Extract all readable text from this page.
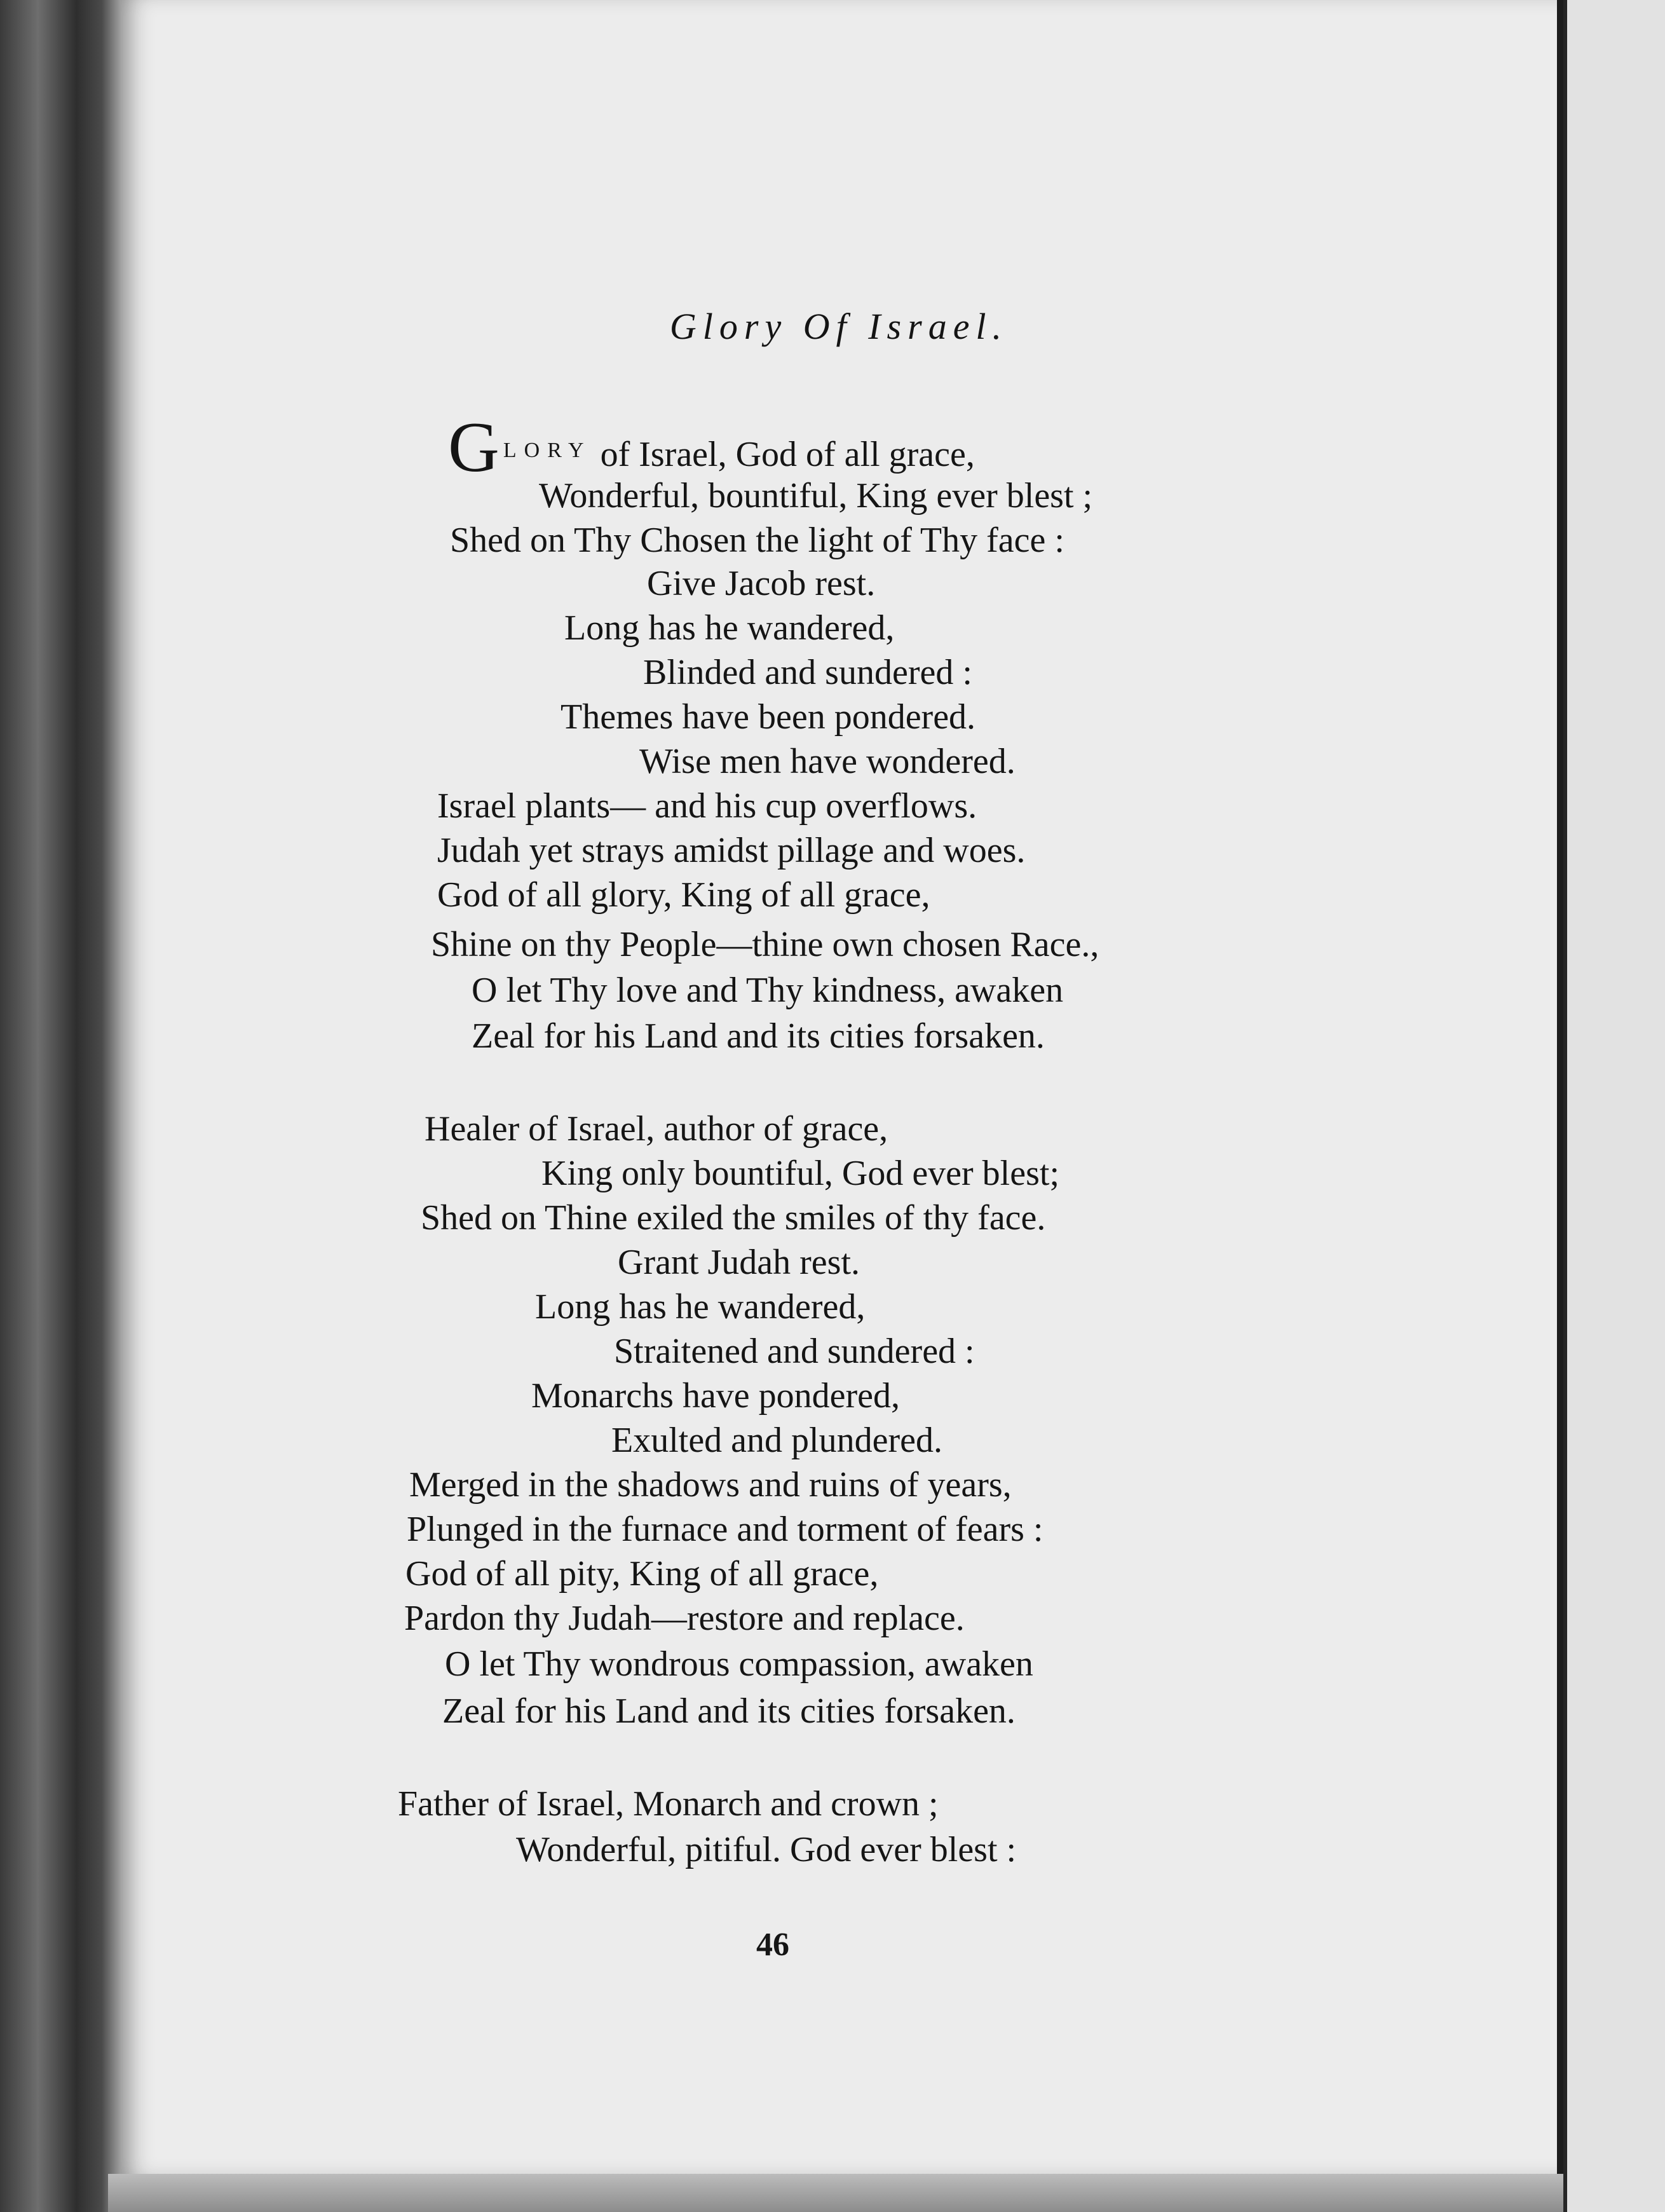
Glory Of Israel.
G $^{LORY}$ of Israel, God of all grace,
Wonderful, bountiful, King ever blest ;
Shed on Thy Chosen the light of Thy face :
Give Jacob rest.
Long has he wandered,
Blinded and sundered :
Themes have been pondered.
Wise men have wondered.
Israel plants— and his cup overflows.
Judah yet strays amidst pillage and woes.
God of all glory, King of all grace,
Shine on thy People—thine own chosen Race.,
O let Thy love and Thy kindness, awaken
Zeal for his Land and its cities forsaken.
Healer of Israel, author of grace,
King only bountiful, God ever blest;
Shed on Thine exiled the smiles of thy face.
Grant Judah rest.
Long has he wandered,
Straitened and sundered :
Monarchs have pondered,
Exulted and plundered.
Merged in the shadows and ruins of years,
Plunged in the furnace and torment of fears :
God of all pity, King of all grace,
Pardon thy Judah—restore and replace.
O let Thy wondrous compassion, awaken
Zeal for his Land and its cities forsaken.
Father of Israel, Monarch and crown ;
Wonderful, pitiful. God ever blest :
46
